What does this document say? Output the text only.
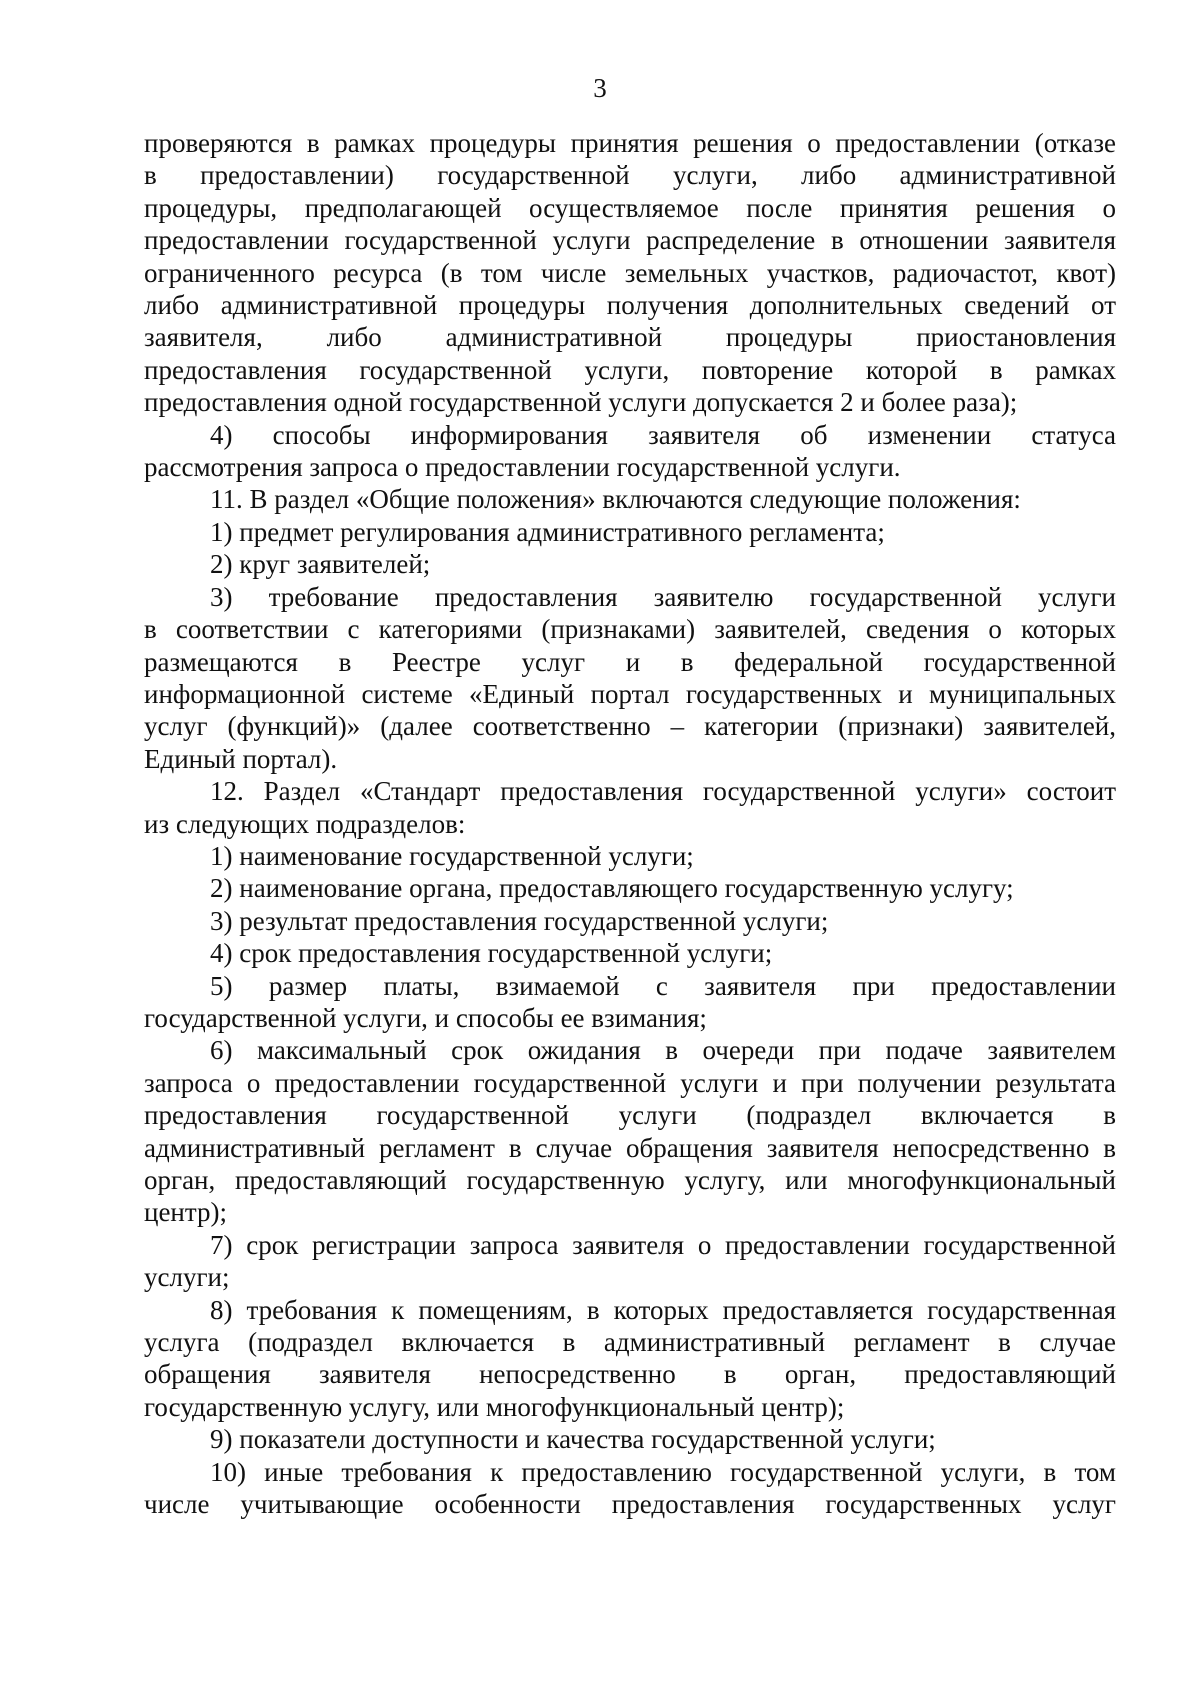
3
проверяются в рамках процедуры принятия решения о предоставлении (отказе
в предоставлении) государственной услуги, либо административной
процедуры, предполагающей осуществляемое после принятия решения о
предоставлении государственной услуги распределение в отношении заявителя
ограниченного ресурса (в том числе земельных участков, радиочастот, квот)
либо административной процедуры получения дополнительных сведений от
заявителя, либо административной процедуры приостановления
предоставления государственной услуги, повторение которой в рамках
предоставления одной государственной услуги допускается 2 и более раза);
4) способы информирования заявителя об изменении статуса
рассмотрения запроса о предоставлении государственной услуги.
11. В раздел «Общие положения» включаются следующие положения:
1) предмет регулирования административного регламента;
2) круг заявителей;
3) требование предоставления заявителю государственной услуги
в соответствии с категориями (признаками) заявителей, сведения о которых
размещаются в Реестре услуг и в федеральной государственной
информационной системе «Единый портал государственных и муниципальных
услуг (функций)» (далее соответственно – категории (признаки) заявителей,
Единый портал).
12. Раздел «Стандарт предоставления государственной услуги» состоит
из следующих подразделов:
1) наименование государственной услуги;
2) наименование органа, предоставляющего государственную услугу;
3) результат предоставления государственной услуги;
4) срок предоставления государственной услуги;
5) размер платы, взимаемой с заявителя при предоставлении
государственной услуги, и способы ее взимания;
6) максимальный срок ожидания в очереди при подаче заявителем
запроса о предоставлении государственной услуги и при получении результата
предоставления государственной услуги (подраздел включается в
административный регламент в случае обращения заявителя непосредственно в
орган, предоставляющий государственную услугу, или многофункциональный
центр);
7) срок регистрации запроса заявителя о предоставлении государственной
услуги;
8) требования к помещениям, в которых предоставляется государственная
услуга (подраздел включается в административный регламент в случае
обращения заявителя непосредственно в орган, предоставляющий
государственную услугу, или многофункциональный центр);
9) показатели доступности и качества государственной услуги;
10) иные требования к предоставлению государственной услуги, в том
числе учитывающие особенности предоставления государственных услуг
